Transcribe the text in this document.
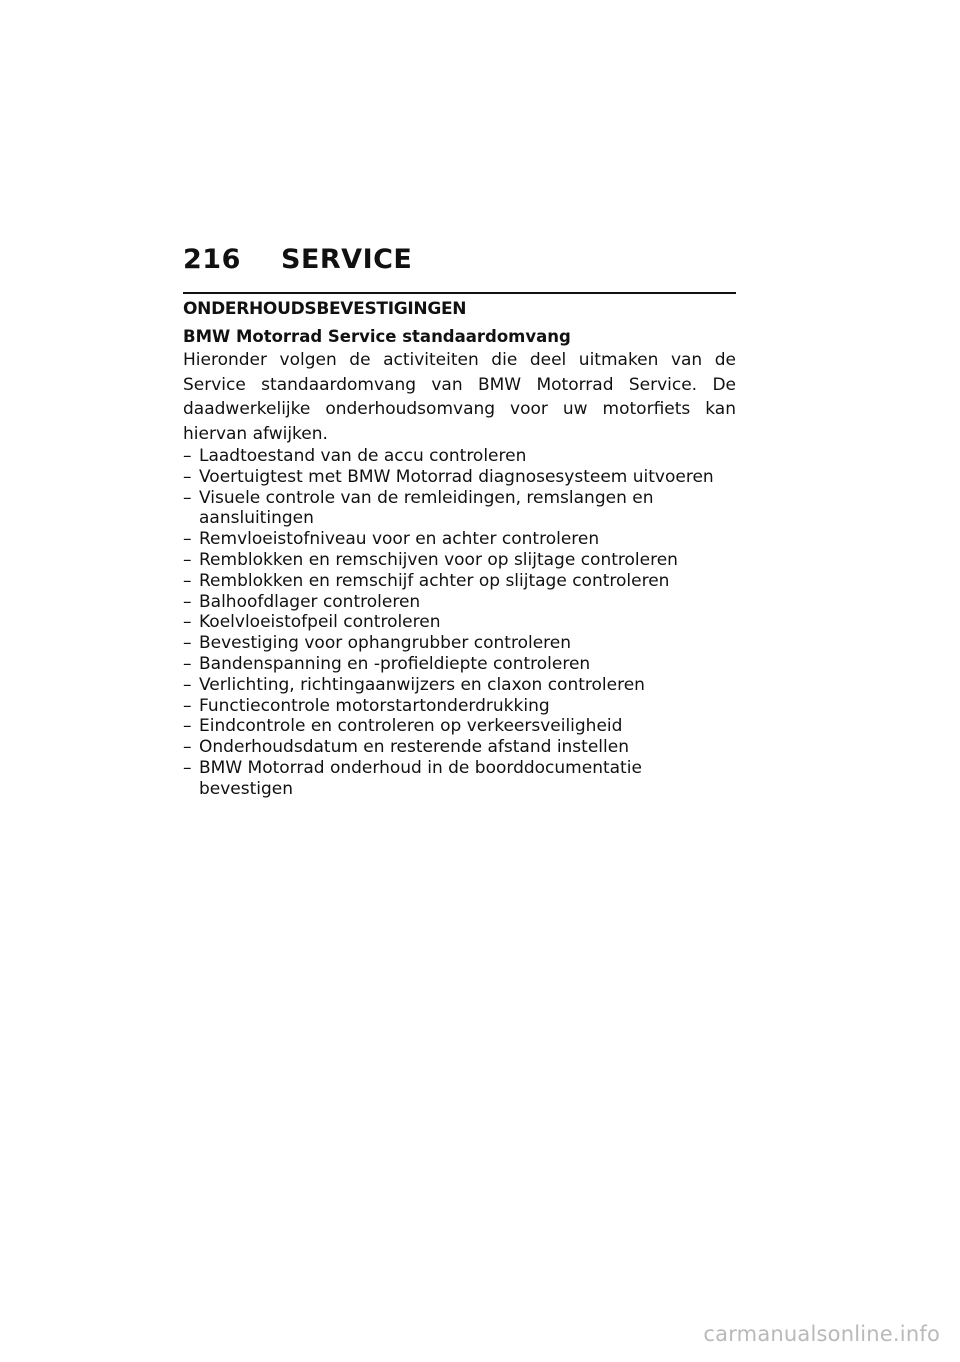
216 SERVICE
ONDERHOUDSBEVESTIGINGEN
BMW Motorrad Service standaardomvang

Hieronder volgen de activiteiten die deel uitmaken van de Service standaardomvang van BMW Motorrad Service. De daadwerkelijke onderhoudsomvang voor uw motorfiets kan hiervan afwijken.

– Laadtoestand van de accu controleren
– Voertuigtest met BMW Motorrad diagnosesysteem uitvoeren
– Visuele controle van de remleidingen, remslangen en aansluitingen
– Remvloeistofniveau voor en achter controleren
– Remblokken en remschijven voor op slijtage controleren
– Remblokken en remschijf achter op slijtage controleren
– Balhoofdlager controleren
– Koelvloeistofpeil controleren
– Bevestiging voor ophangrubber controleren
– Bandenspanning en -profieldiepte controleren
– Verlichting, richtingaanwijzers en claxon controleren
– Functiecontrole motorstartonderdrukking
– Eindcontrole en controleren op verkeersveiligheid
– Onderhoudsdatum en resterende afstand instellen
– BMW Motorrad onderhoud in de boorddocumentatie bevestigen
carmanualsonline.info
